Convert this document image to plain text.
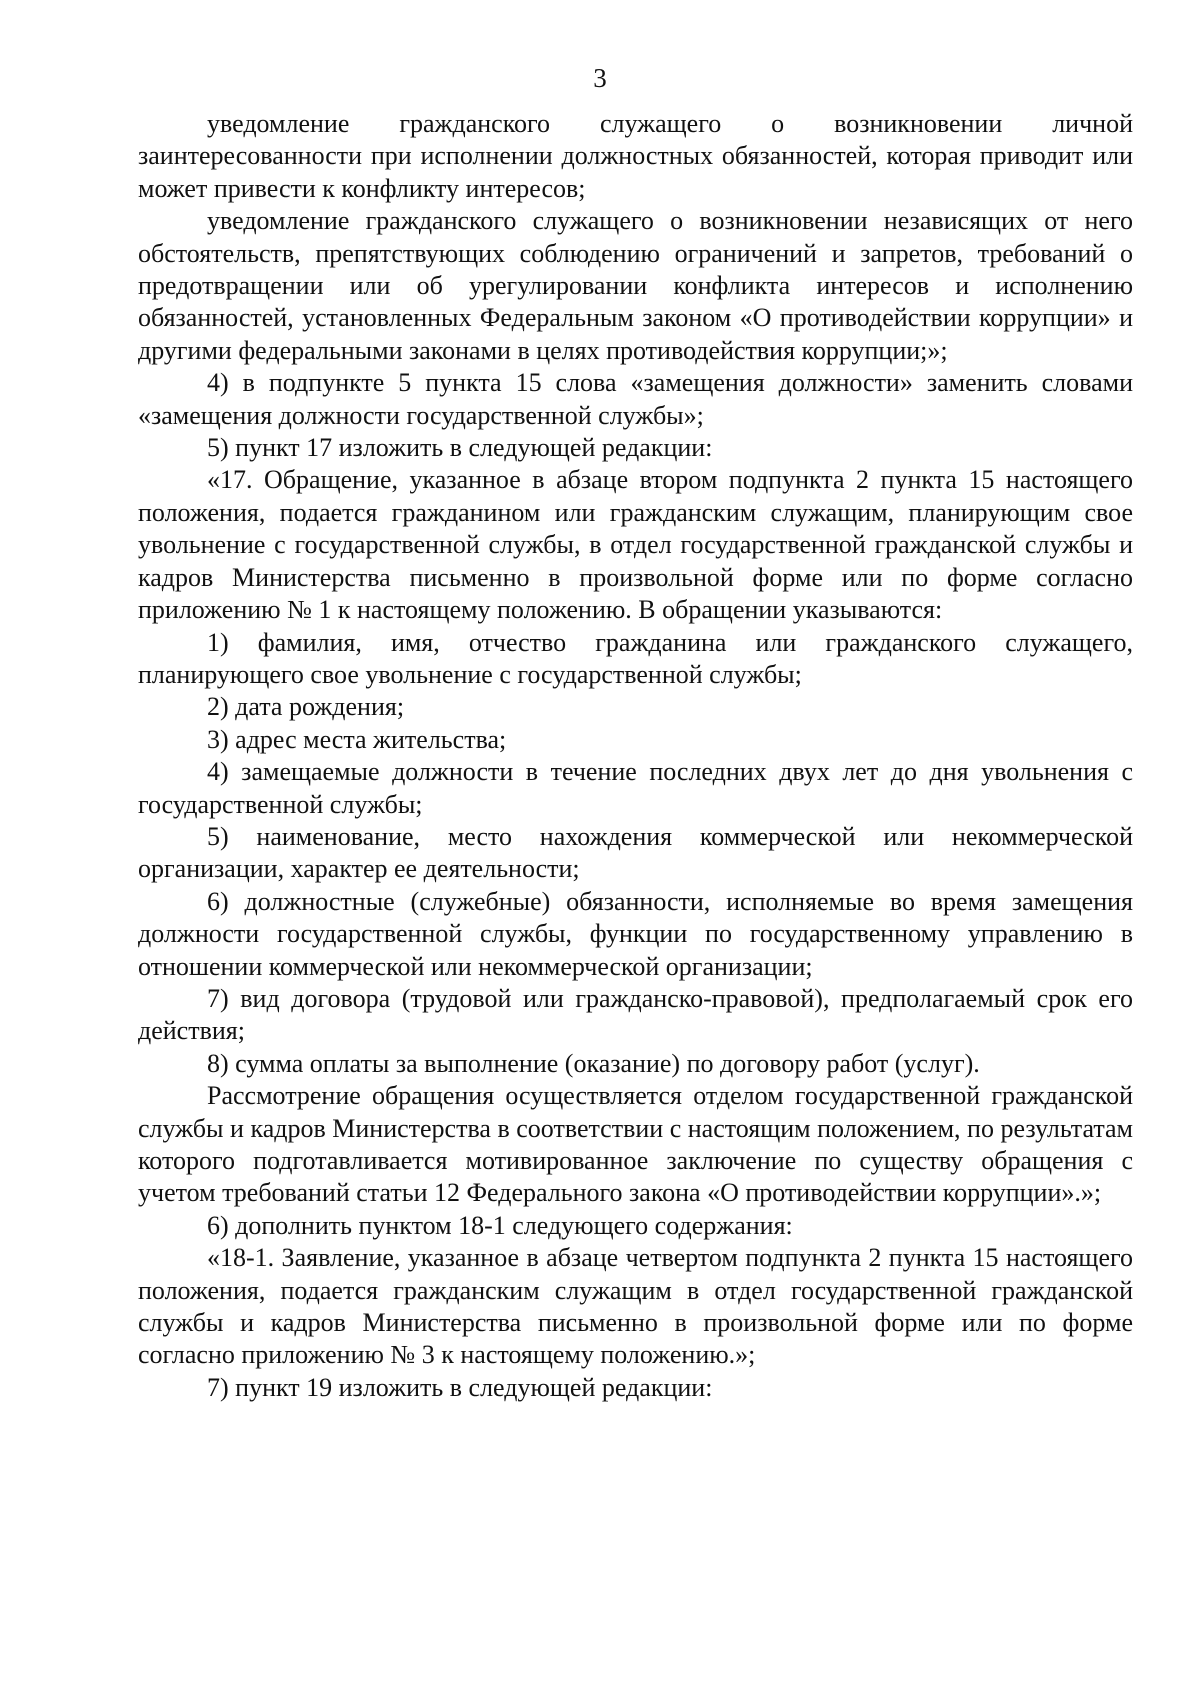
3

уведомление гражданского служащего о возникновении личной заинтересованности при исполнении должностных обязанностей, которая приводит или может привести к конфликту интересов;

уведомление гражданского служащего о возникновении независящих от него обстоятельств, препятствующих соблюдению ограничений и запретов, требований о предотвращении или об урегулировании конфликта интересов и исполнению обязанностей, установленных Федеральным законом «О противодействии коррупции» и другими федеральными законами в целях противодействия коррупции;»;

4) в подпункте 5 пункта 15 слова «замещения должности» заменить словами «замещения должности государственной службы»;

5) пункт 17 изложить в следующей редакции:

«17. Обращение, указанное в абзаце втором подпункта 2 пункта 15 настоящего положения, подается гражданином или гражданским служащим, планирующим свое увольнение с государственной службы, в отдел государственной гражданской службы и кадров Министерства письменно в произвольной форме или по форме согласно приложению № 1 к настоящему положению. В обращении указываются:

1) фамилия, имя, отчество гражданина или гражданского служащего, планирующего свое увольнение с государственной службы;

2) дата рождения;

3) адрес места жительства;

4) замещаемые должности в течение последних двух лет до дня увольнения с государственной службы;

5) наименование, место нахождения коммерческой или некоммерческой организации, характер ее деятельности;

6) должностные (служебные) обязанности, исполняемые во время замещения должности государственной службы, функции по государственному управлению в отношении коммерческой или некоммерческой организации;

7) вид договора (трудовой или гражданско-правовой), предполагаемый срок его действия;

8) сумма оплаты за выполнение (оказание) по договору работ (услуг).

Рассмотрение обращения осуществляется отделом государственной гражданской службы и кадров Министерства в соответствии с настоящим положением, по результатам которого подготавливается мотивированное заключение по существу обращения с учетом требований статьи 12 Федерального закона «О противодействии коррупции».»;

6) дополнить пунктом 18-1 следующего содержания:

«18-1. Заявление, указанное в абзаце четвертом подпункта 2 пункта 15 настоящего положения, подается гражданским служащим в отдел государственной гражданской службы и кадров Министерства письменно в произвольной форме или по форме согласно приложению № 3 к настоящему положению.»;

7) пункт 19 изложить в следующей редакции:
